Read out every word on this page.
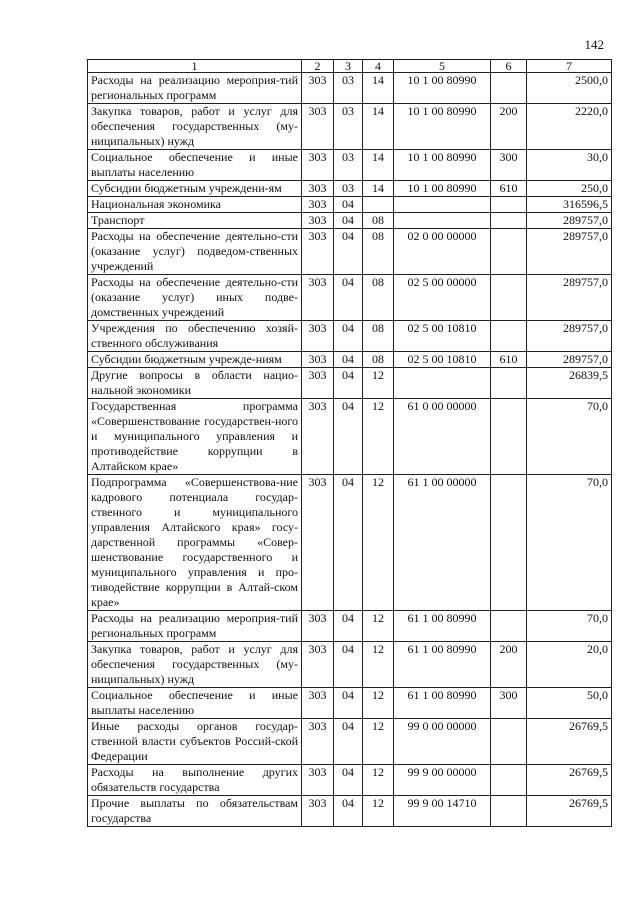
142
1	2	3	4	5	6	7
Расходы на реализацию мероприя-тий региональных программ	303	03	14	10 1 00 80990		2500,0
Закупка товаров, работ и услуг для обеспечения государственных (му-ниципальных) нужд	303	03	14	10 1 00 80990	200	2220,0
Социальное обеспечение и иные выплаты населению	303	03	14	10 1 00 80990	300	30,0
Субсидии бюджетным учреждени-ям	303	03	14	10 1 00 80990	610	250,0
Национальная экономика	303	04				316596,5
Транспорт	303	04	08			289757,0
Расходы на обеспечение деятельно-сти (оказание услуг) подведом-ственных учреждений	303	04	08	02 0 00 00000		289757,0
Расходы на обеспечение деятельно-сти (оказание услуг) иных подве-домственных учреждений	303	04	08	02 5 00 00000		289757,0
Учреждения по обеспечению хозяй-ственного обслуживания	303	04	08	02 5 00 10810		289757,0
Субсидии бюджетным учрежде-ниям	303	04	08	02 5 00 10810	610	289757,0
Другие вопросы в области нацио-нальной экономики	303	04	12			26839,5
Государственная программа «Совершенствование государствен-ного и муниципального управления и противодействие коррупции в Алтайском крае»	303	04	12	61 0 00 00000		70,0
Подпрограмма «Совершенствова-ние кадрового потенциала государ-ственного и муниципального управления Алтайского края» госу-дарственной программы «Совер-шенствование государственного и муниципального управления и про-тиводействие коррупции в Алтай-ском крае»	303	04	12	61 1 00 00000		70,0
Расходы на реализацию мероприя-тий региональных программ	303	04	12	61 1 00 80990		70,0
Закупка товаров, работ и услуг для обеспечения государственных (му-ниципальных) нужд	303	04	12	61 1 00 80990	200	20,0
Социальное обеспечение и иные выплаты населению	303	04	12	61 1 00 80990	300	50,0
Иные расходы органов государ-ственной власти субъектов Россий-ской Федерации	303	04	12	99 0 00 00000		26769,5
Расходы на выполнение других обязательств государства	303	04	12	99 9 00 00000		26769,5
Прочие выплаты по обязательствам государства	303	04	12	99 9 00 14710		26769,5
